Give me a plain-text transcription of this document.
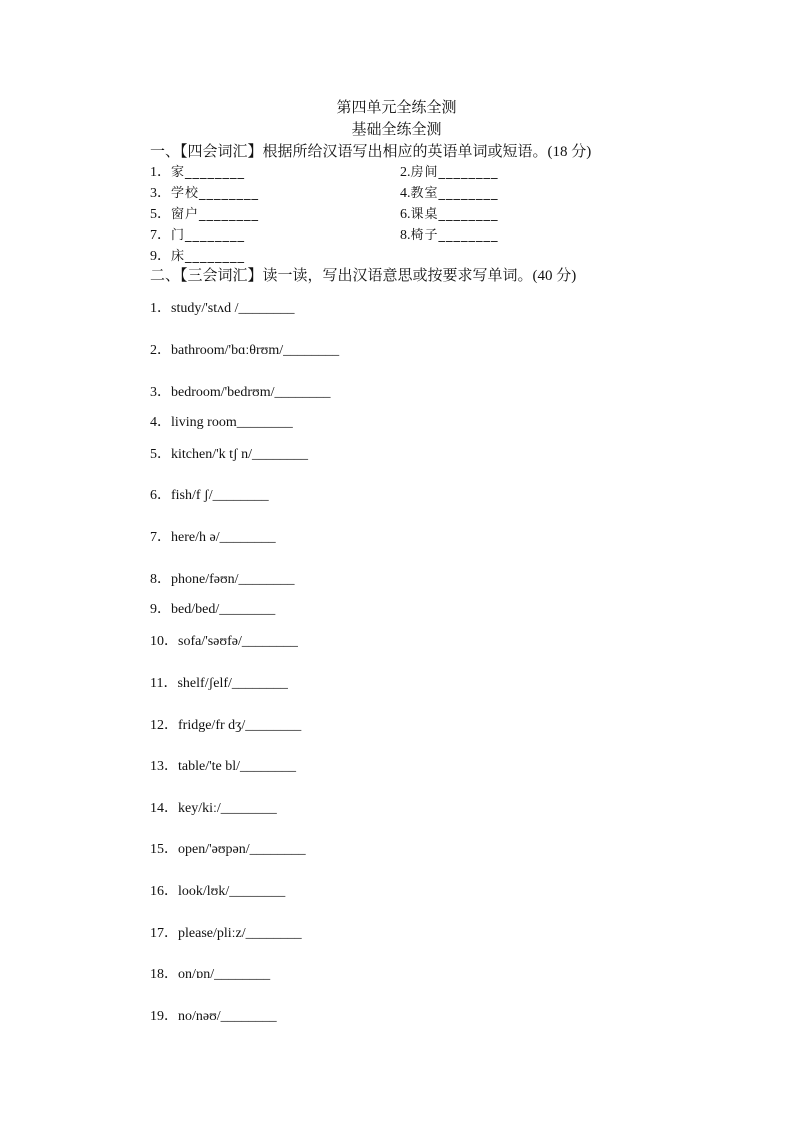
第四单元全练全测
基础全练全测
一、【四会词汇】根据所给汉语写出相应的英语单词或短语。(18 分)
1．家________	2.房间________
3．学校________	4.教室________
5．窗户________	6.课桌________
7．门________	8.椅子________
9．床________
二、【三会词汇】读一读，写出汉语意思或按要求写单词。(40 分)
1．study/'stʌd /________
2．bathroom/'bɑːθrʊm/________
3．bedroom/'bedrʊm/________
4．living room________
5．kitchen/'k tʃ n/________
6．fish/f ʃ/________
7．here/h ə/________
8．phone/fəʊn/________
9．bed/bed/________
10．sofa/'səʊfə/________
11．shelf/ʃelf/________
12．fridge/fr dʒ/________
13．table/'te bl/________
14．key/kiː/________
15．open/'əʊpən/________
16．look/lʊk/________
17．please/pliːz/________
18．on/ɒn/________
19．no/nəʊ/________
